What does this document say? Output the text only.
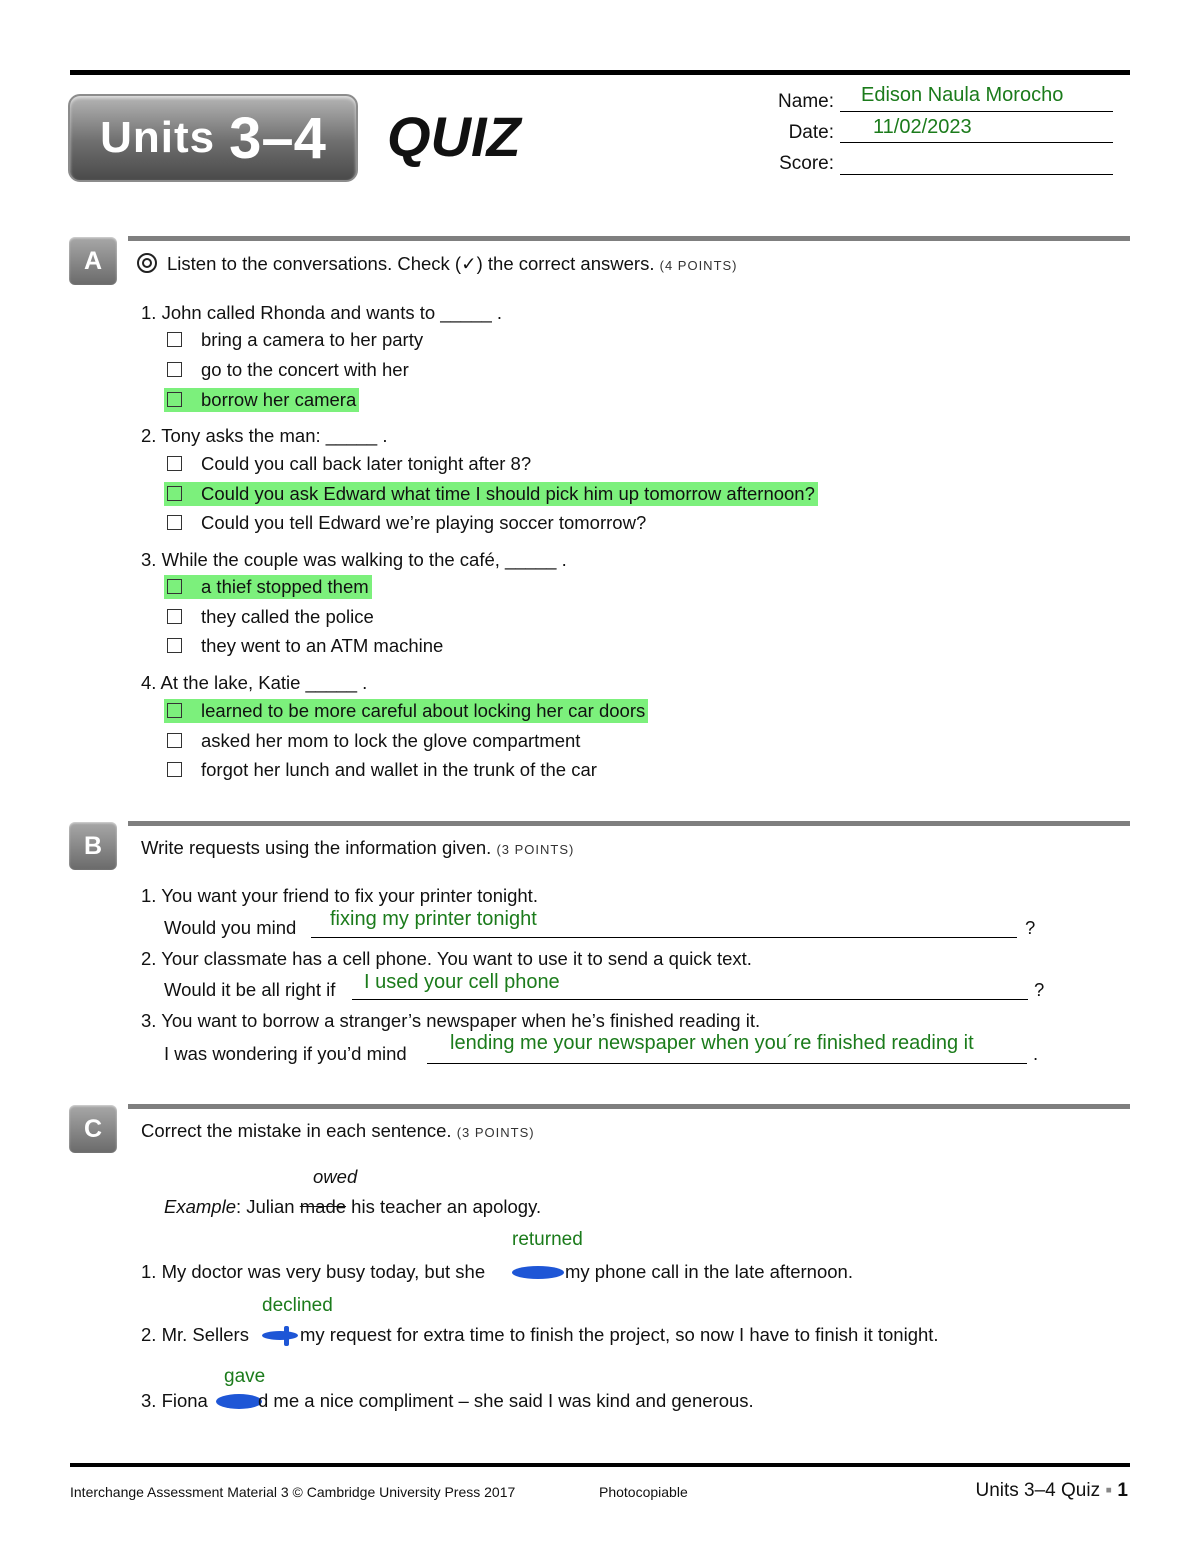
Units 3–4 QUIZ
Name: Edison Naula Morocho
Date: 11/02/2023
Score:
A	Listen to the conversations. Check (✓) the correct answers. (4 POINTS)
1. John called Rhonda and wants to _____ .
bring a camera to her party
go to the concert with her
borrow her camera
2. Tony asks the man: _____ .
Could you call back later tonight after 8?
Could you ask Edward what time I should pick him up tomorrow afternoon?
Could you tell Edward we’re playing soccer tomorrow?
3. While the couple was walking to the café, _____ .
a thief stopped them
they called the police
they went to an ATM machine
4. At the lake, Katie _____ .
learned to be more careful about locking her car doors
asked her mom to lock the glove compartment
forgot her lunch and wallet in the trunk of the car
B	Write requests using the information given. (3 POINTS)
1. You want your friend to fix your printer tonight.
Would you mind fixing my printer tonight	?
2. Your classmate has a cell phone. You want to use it to send a quick text.
Would it be all right if I used your cell phone	?
3. You want to borrow a stranger’s newspaper when he’s finished reading it.
I was wondering if you’d mind lending me your newspaper when you´re finished reading it	.
C	Correct the mistake in each sentence. (3 POINTS)
owed
Example: Julian made his teacher an apology.
returned
1. My doctor was very busy today, but she	my phone call in the late afternoon.
declined
2. Mr. Sellers	my request for extra time to finish the project, so now I have to finish it tonight.
gave
3. Fiona	d me a nice compliment – she said I was kind and generous.
Interchange Assessment Material 3 © Cambridge University Press 2017	Photocopiable	Units 3–4 Quiz ▪ 1
